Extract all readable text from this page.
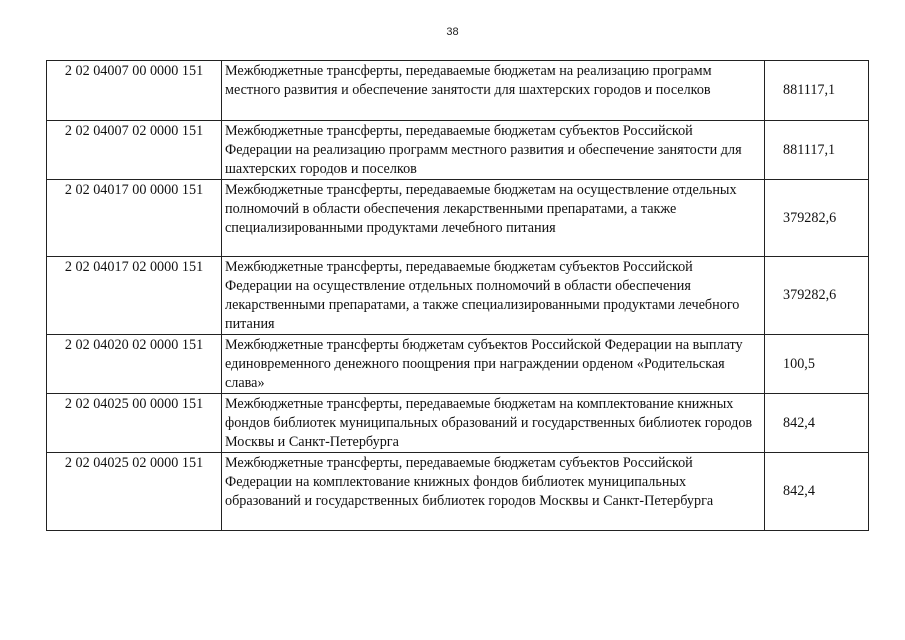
38
2 02 04007 00 0000 151	Межбюджетные трансферты, передаваемые бюджетам на реализацию программ местного развития и обеспечение занятости для шахтерских городов и поселков	881117,1
2 02 04007 02 0000 151	Межбюджетные трансферты, передаваемые бюджетам субъектов Российской Федерации на реализацию программ местного развития и обеспечение занятости для шахтерских городов и поселков	881117,1
2 02 04017 00 0000 151	Межбюджетные трансферты, передаваемые бюджетам на осуществление отдельных полномочий в области обеспечения лекарственными препаратами, а также специализированными продуктами лечебного питания	379282,6
2 02 04017 02 0000 151	Межбюджетные трансферты, передаваемые бюджетам субъектов Российской Федерации на осуществление отдельных полномочий в области обеспечения лекарственными препаратами, а также специализированными продуктами лечебного питания	379282,6
2 02 04020 02 0000 151	Межбюджетные трансферты бюджетам субъектов Российской Федерации на выплату единовременного денежного поощрения при награждении орденом «Родительская слава»	100,5
2 02 04025 00 0000 151	Межбюджетные трансферты, передаваемые бюджетам на комплектование книжных фондов библиотек муниципальных образований и государственных библиотек городов Москвы и Санкт-Петербурга	842,4
2 02 04025 02 0000 151	Межбюджетные трансферты, передаваемые бюджетам субъектов Российской Федерации на комплектование книжных фондов библиотек муниципальных образований и государственных библиотек городов Москвы и Санкт-Петербурга	842,4
